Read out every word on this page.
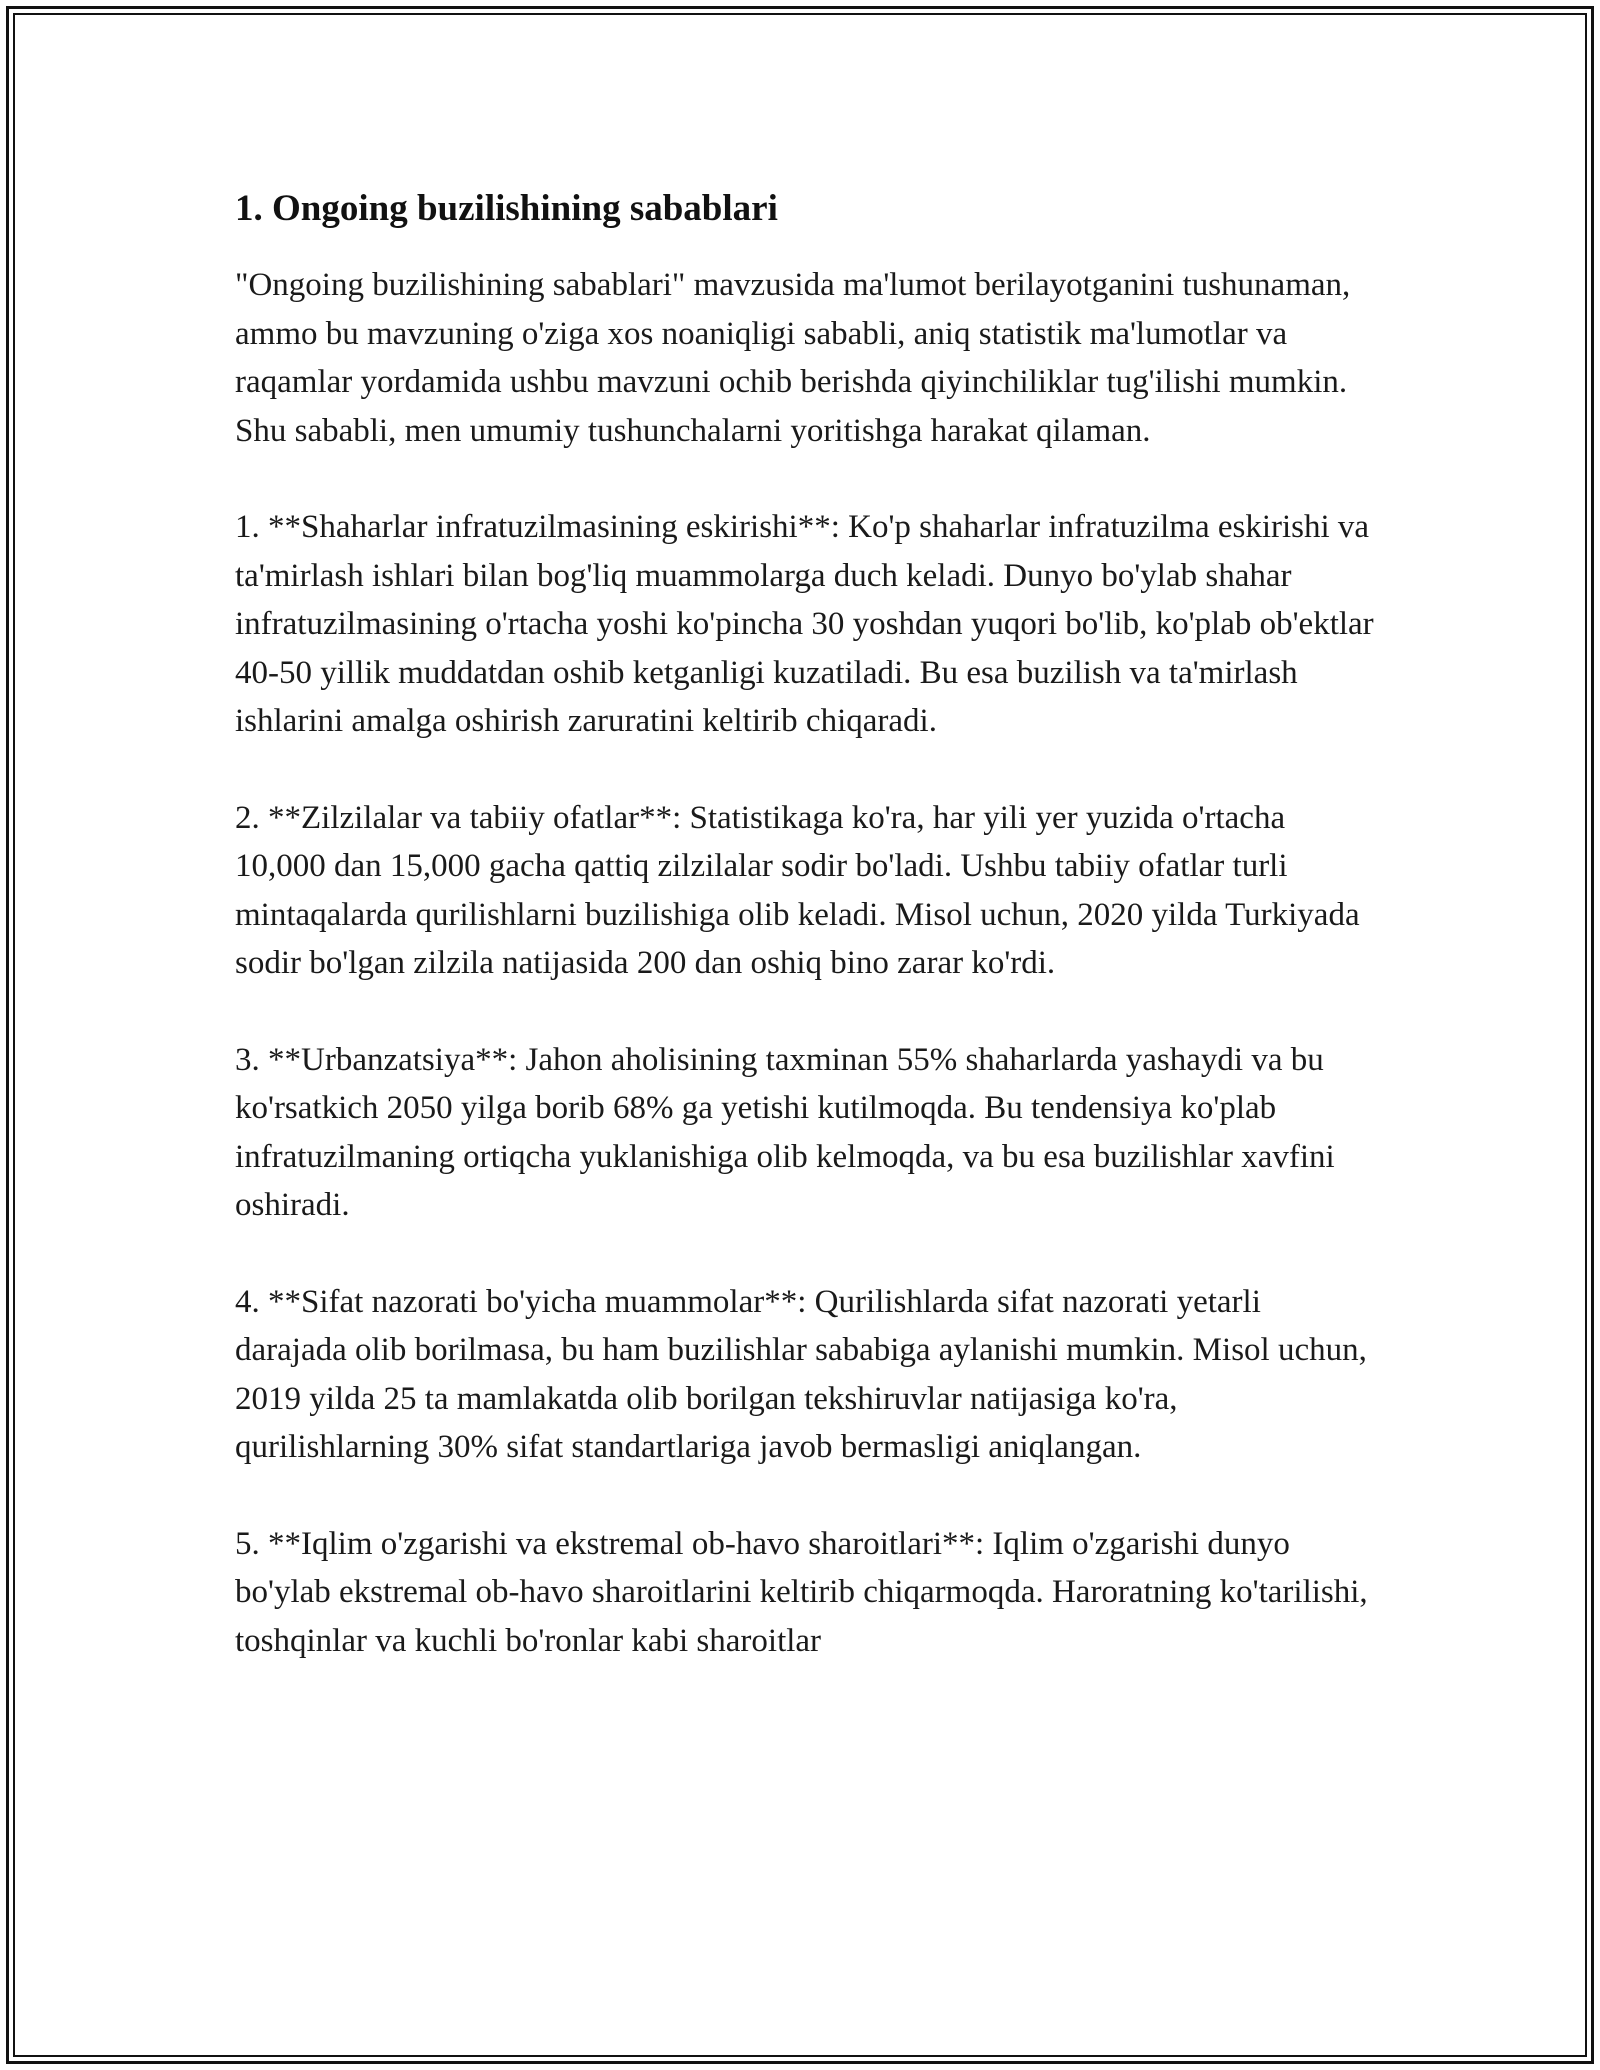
1. Ongoing buzilishining sabablari

"Ongoing buzilishining sabablari" mavzusida ma'lumot berilayotganini tushunaman, ammo bu mavzuning o'ziga xos noaniqligi sababli, aniq statistik ma'lumotlar va raqamlar yordamida ushbu mavzuni ochib berishda qiyinchiliklar tug'ilishi mumkin. Shu sababli, men umumiy tushunchalarni yoritishga harakat qilaman.

1. **Shaharlar infratuzilmasining eskirishi**: Ko'p shaharlar infratuzilma eskirishi va ta'mirlash ishlari bilan bog'liq muammolarga duch keladi. Dunyo bo'ylab shahar infratuzilmasining o'rtacha yoshi ko'pincha 30 yoshdan yuqori bo'lib, ko'plab ob'ektlar 40-50 yillik muddatdan oshib ketganligi kuzatiladi. Bu esa buzilish va ta'mirlash ishlarini amalga oshirish zaruratini keltirib chiqaradi.

2. **Zilzilalar va tabiiy ofatlar**: Statistikaga ko'ra, har yili yer yuzida o'rtacha 10,000 dan 15,000 gacha qattiq zilzilalar sodir bo'ladi. Ushbu tabiiy ofatlar turli mintaqalarda qurilishlarni buzilishiga olib keladi. Misol uchun, 2020 yilda Turkiyada sodir bo'lgan zilzila natijasida 200 dan oshiq bino zarar ko'rdi.

3. **Urbanzatsiya**: Jahon aholisining taxminan 55% shaharlarda yashaydi va bu ko'rsatkich 2050 yilga borib 68% ga yetishi kutilmoqda. Bu tendensiya ko'plab infratuzilmaning ortiqcha yuklanishiga olib kelmoqda, va bu esa buzilishlar xavfini oshiradi.

4. **Sifat nazorati bo'yicha muammolar**: Qurilishlarda sifat nazorati yetarli darajada olib borilmasa, bu ham buzilishlar sababiga aylanishi mumkin. Misol uchun, 2019 yilda 25 ta mamlakatda olib borilgan tekshiruvlar natijasiga ko'ra, qurilishlarning 30% sifat standartlariga javob bermasligi aniqlangan.

5. **Iqlim o'zgarishi va ekstremal ob-havo sharoitlari**: Iqlim o'zgarishi dunyo bo'ylab ekstremal ob-havo sharoitlarini keltirib chiqarmoqda. Haroratning ko'tarilishi, toshqinlar va kuchli bo'ronlar kabi sharoitlar
